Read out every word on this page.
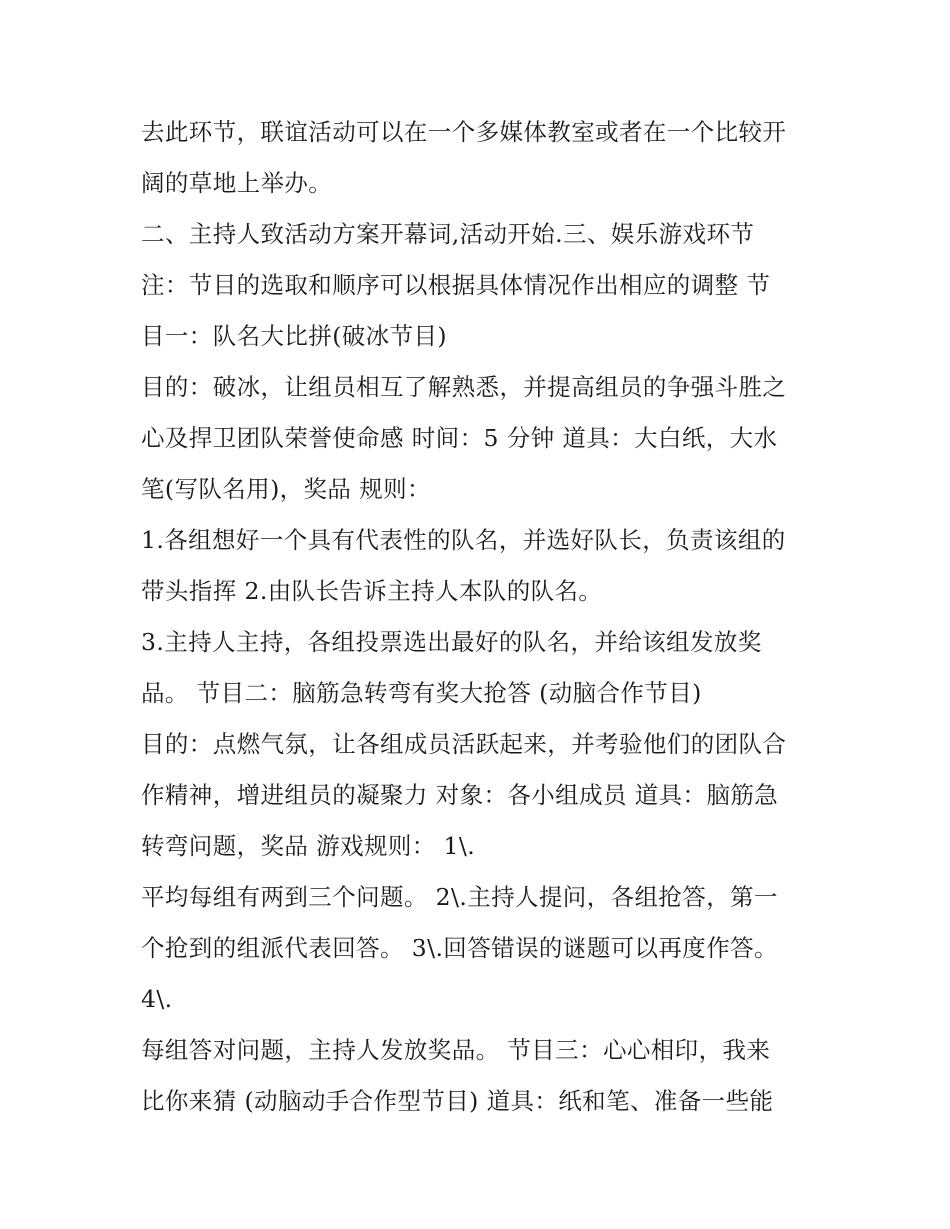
去此环节，联谊活动可以在一个多媒体教室或者在一个比较开
阔的草地上举办。
二、主持人致活动方案开幕词,活动开始.三、娱乐游戏环节
注：节目的选取和顺序可以根据具体情况作出相应的调整 节
目一：队名大比拼(破冰节目)
目的：破冰，让组员相互了解熟悉，并提高组员的争强斗胜之
心及捍卫团队荣誉使命感 时间：5 分钟 道具：大白纸，大水
笔(写队名用)，奖品 规则：
1.各组想好一个具有代表性的队名，并选好队长，负责该组的
带头指挥 2.由队长告诉主持人本队的队名。
3.主持人主持，各组投票选出最好的队名，并给该组发放奖
品。 节目二：脑筋急转弯有奖大抢答 (动脑合作节目)
目的：点燃气氛，让各组成员活跃起来，并考验他们的团队合
作精神，增进组员的凝聚力 对象：各小组成员 道具：脑筋急
转弯问题，奖品 游戏规则： 1\.
平均每组有两到三个问题。 2\.主持人提问，各组抢答，第一
个抢到的组派代表回答。 3\.回答错误的谜题可以再度作答。
4\.
每组答对问题，主持人发放奖品。 节目三：心心相印，我来
比你来猜 (动脑动手合作型节目) 道具：纸和笔、准备一些能
